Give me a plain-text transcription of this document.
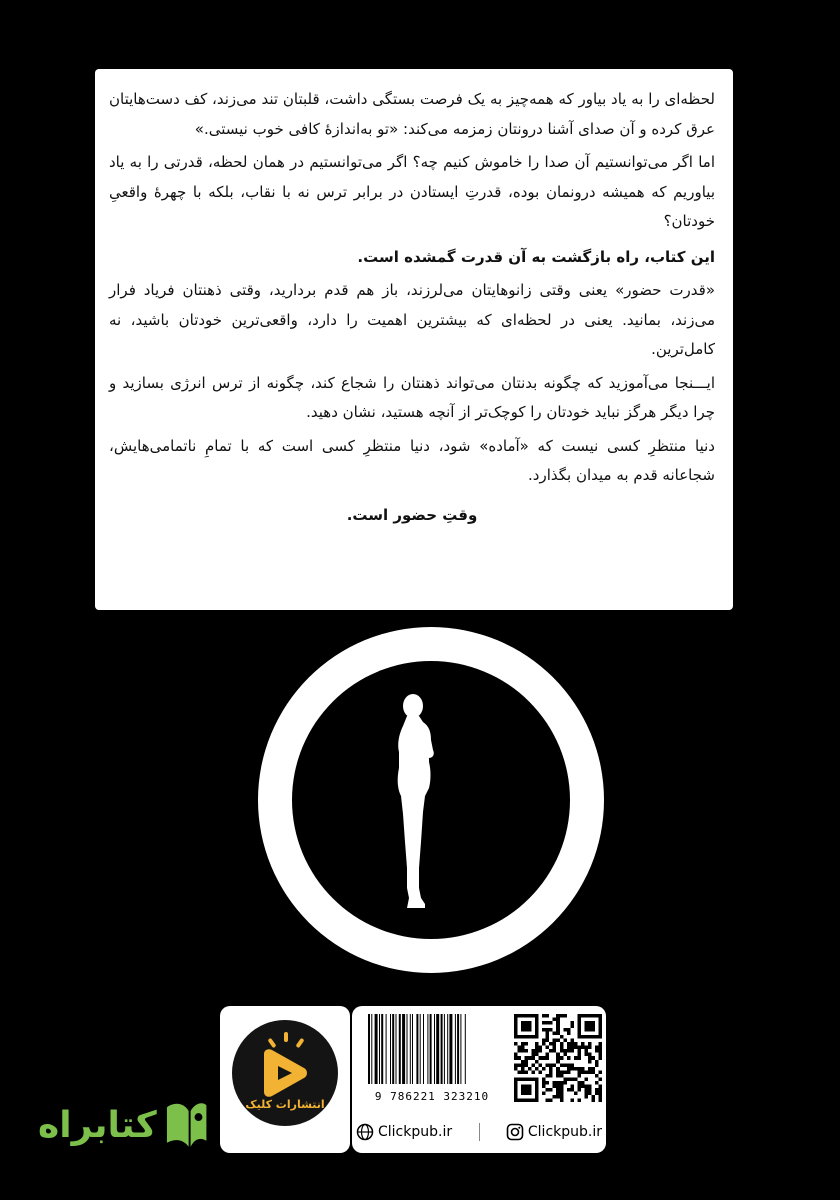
لحظه‌ای را به یاد بیاور که همه‌چیز به یک فرصت بستگی داشت، قلبتان تند می‌زند، کف دست‌هایتان عرق کرده و آن صدای آشنا درونتان زمزمه می‌کند: «تو به‌اندازهٔ کافی خوب نیستی.»

اما اگر می‌توانستیم آن صدا را خاموش کنیم چه؟ اگر می‌توانستیم در همان لحظه، قدرتی را به یاد بیاوریم که همیشه درونمان بوده، قدرتِ ایستادن در برابر ترس نه با نقاب، بلکه با چهرهٔ واقعیِ خودتان؟

این کتاب، راه بازگشت به آن قدرت گمشده است.

«قدرت حضور» یعنی وقتی زانوهایتان می‌لرزند، باز هم قدم بردارید، وقتی ذهنتان فریاد فرار می‌زند، بمانید. یعنی در لحظه‌ای که بیشترین اهمیت را دارد، واقعی‌ترین خودتان باشید، نه کامل‌ترین.

ایـــنجا می‌آموزید که چگونه بدنتان می‌تواند ذهنتان را شجاع کند، چگونه از ترس انرژی بسازید و چرا دیگر هرگز نباید خودتان را کوچک‌تر از آنچه هستید، نشان دهید.

دنیا منتظرِ کسی نیست که «آماده» شود، دنیا منتظرِ کسی است که با تمامِ ناتمامی‌هایش، شجاعانه قدم به میدان بگذارد.

وقتِ حضور است.

انتشارات کلیک
9 786221 323210
Clickpub.ir	Clickpub.ir
کتابراه
